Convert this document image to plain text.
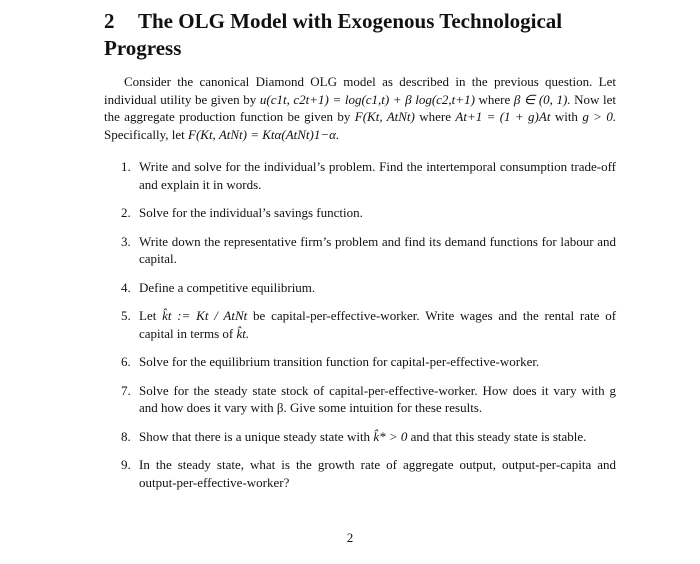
2 The OLG Model with Exogenous Technological Progress
Consider the canonical Diamond OLG model as described in the previous question. Let individual utility be given by u(c1t, c2t+1) = log(c1,t) + β log(c2,t+1) where β ∈ (0, 1). Now let the aggregate production function be given by F(Kt, AtNt) where At+1 = (1 + g)At with g > 0. Specifically, let F(Kt, AtNt) = Ktα(AtNt)1−α.
1. Write and solve for the individual’s problem. Find the intertemporal consumption trade-off and explain it in words.
2. Solve for the individual’s savings function.
3. Write down the representative firm’s problem and find its demand functions for labour and capital.
4. Define a competitive equilibrium.
5. Let k̂t := Kt / AtNt be capital-per-effective-worker. Write wages and the rental rate of capital in terms of k̂t.
6. Solve for the equilibrium transition function for capital-per-effective-worker.
7. Solve for the steady state stock of capital-per-effective-worker. How does it vary with g and how does it vary with β. Give some intuition for these results.
8. Show that there is a unique steady state with k̂* > 0 and that this steady state is stable.
9. In the steady state, what is the growth rate of aggregate output, output-per-capita and output-per-effective-worker?
2
